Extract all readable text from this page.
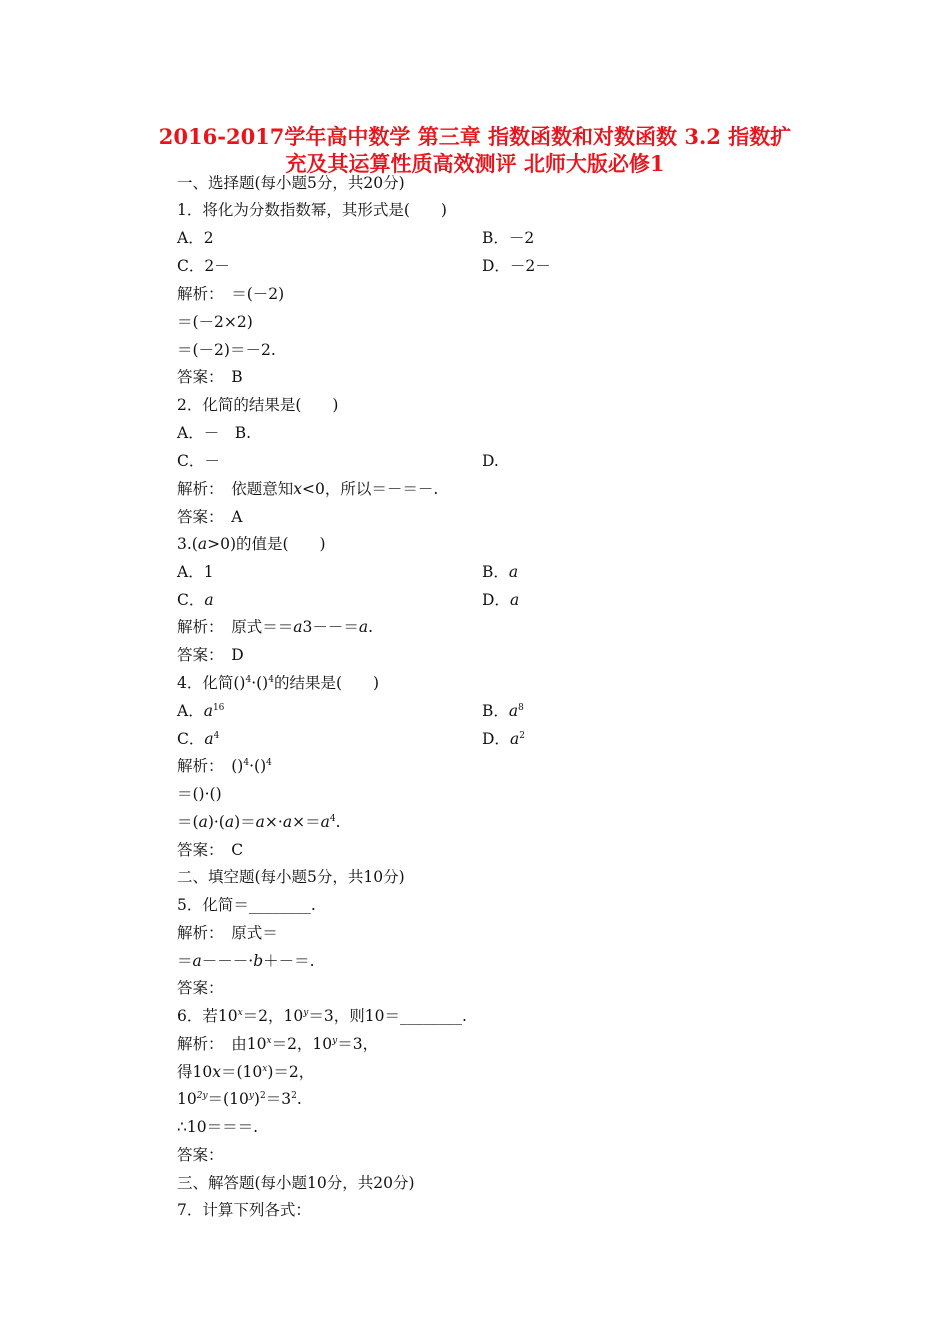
2016-2017学年高中数学 第三章 指数函数和对数函数 3.2 指数扩
充及其运算性质高效测评 北师大版必修1
一、选择题(每小题5分，共20分)
1．将化为分数指数幂，其形式是(　　)
A．2	B．－2
C．2－	D．－2－
解析：　＝(－2)
＝(－2×2)
＝(－2)＝－2.
答案：　B
2．化简的结果是(　　)
A．－　B.
C．－	D.
解析：　依题意知x<0，所以＝－＝－.
答案：　A
3.(a>0)的值是(　　)
A．1	B．a
C．a	D．a
解析：　原式＝＝a3－－＝a.
答案：　D
4．化简()$^4$·()$^4$的结果是(　　)
A．$a^{16}$	B．$a^8$
C．$a^4$	D．$a^2$
解析：　()$^4$·()$^4$
＝()·()
$=(a)\cdot(a)=a\times\cdot a\times=a^4$.
答案：　C
二、填空题(每小题5分，共10分)
5．化简＝________.
解析：　原式＝
＝a－－－·b＋－＝.
答案：
6．若$10^x=2$，$10^y=3$，则10＝________.
解析：　由$10^x=2$，$10^y=3$，
得$10x=(10^x)=2$，
$10^{2y}=(10^y)^2=3^2$.
∴10＝＝＝.
答案：
三、解答题(每小题10分，共20分)
7．计算下列各式：
